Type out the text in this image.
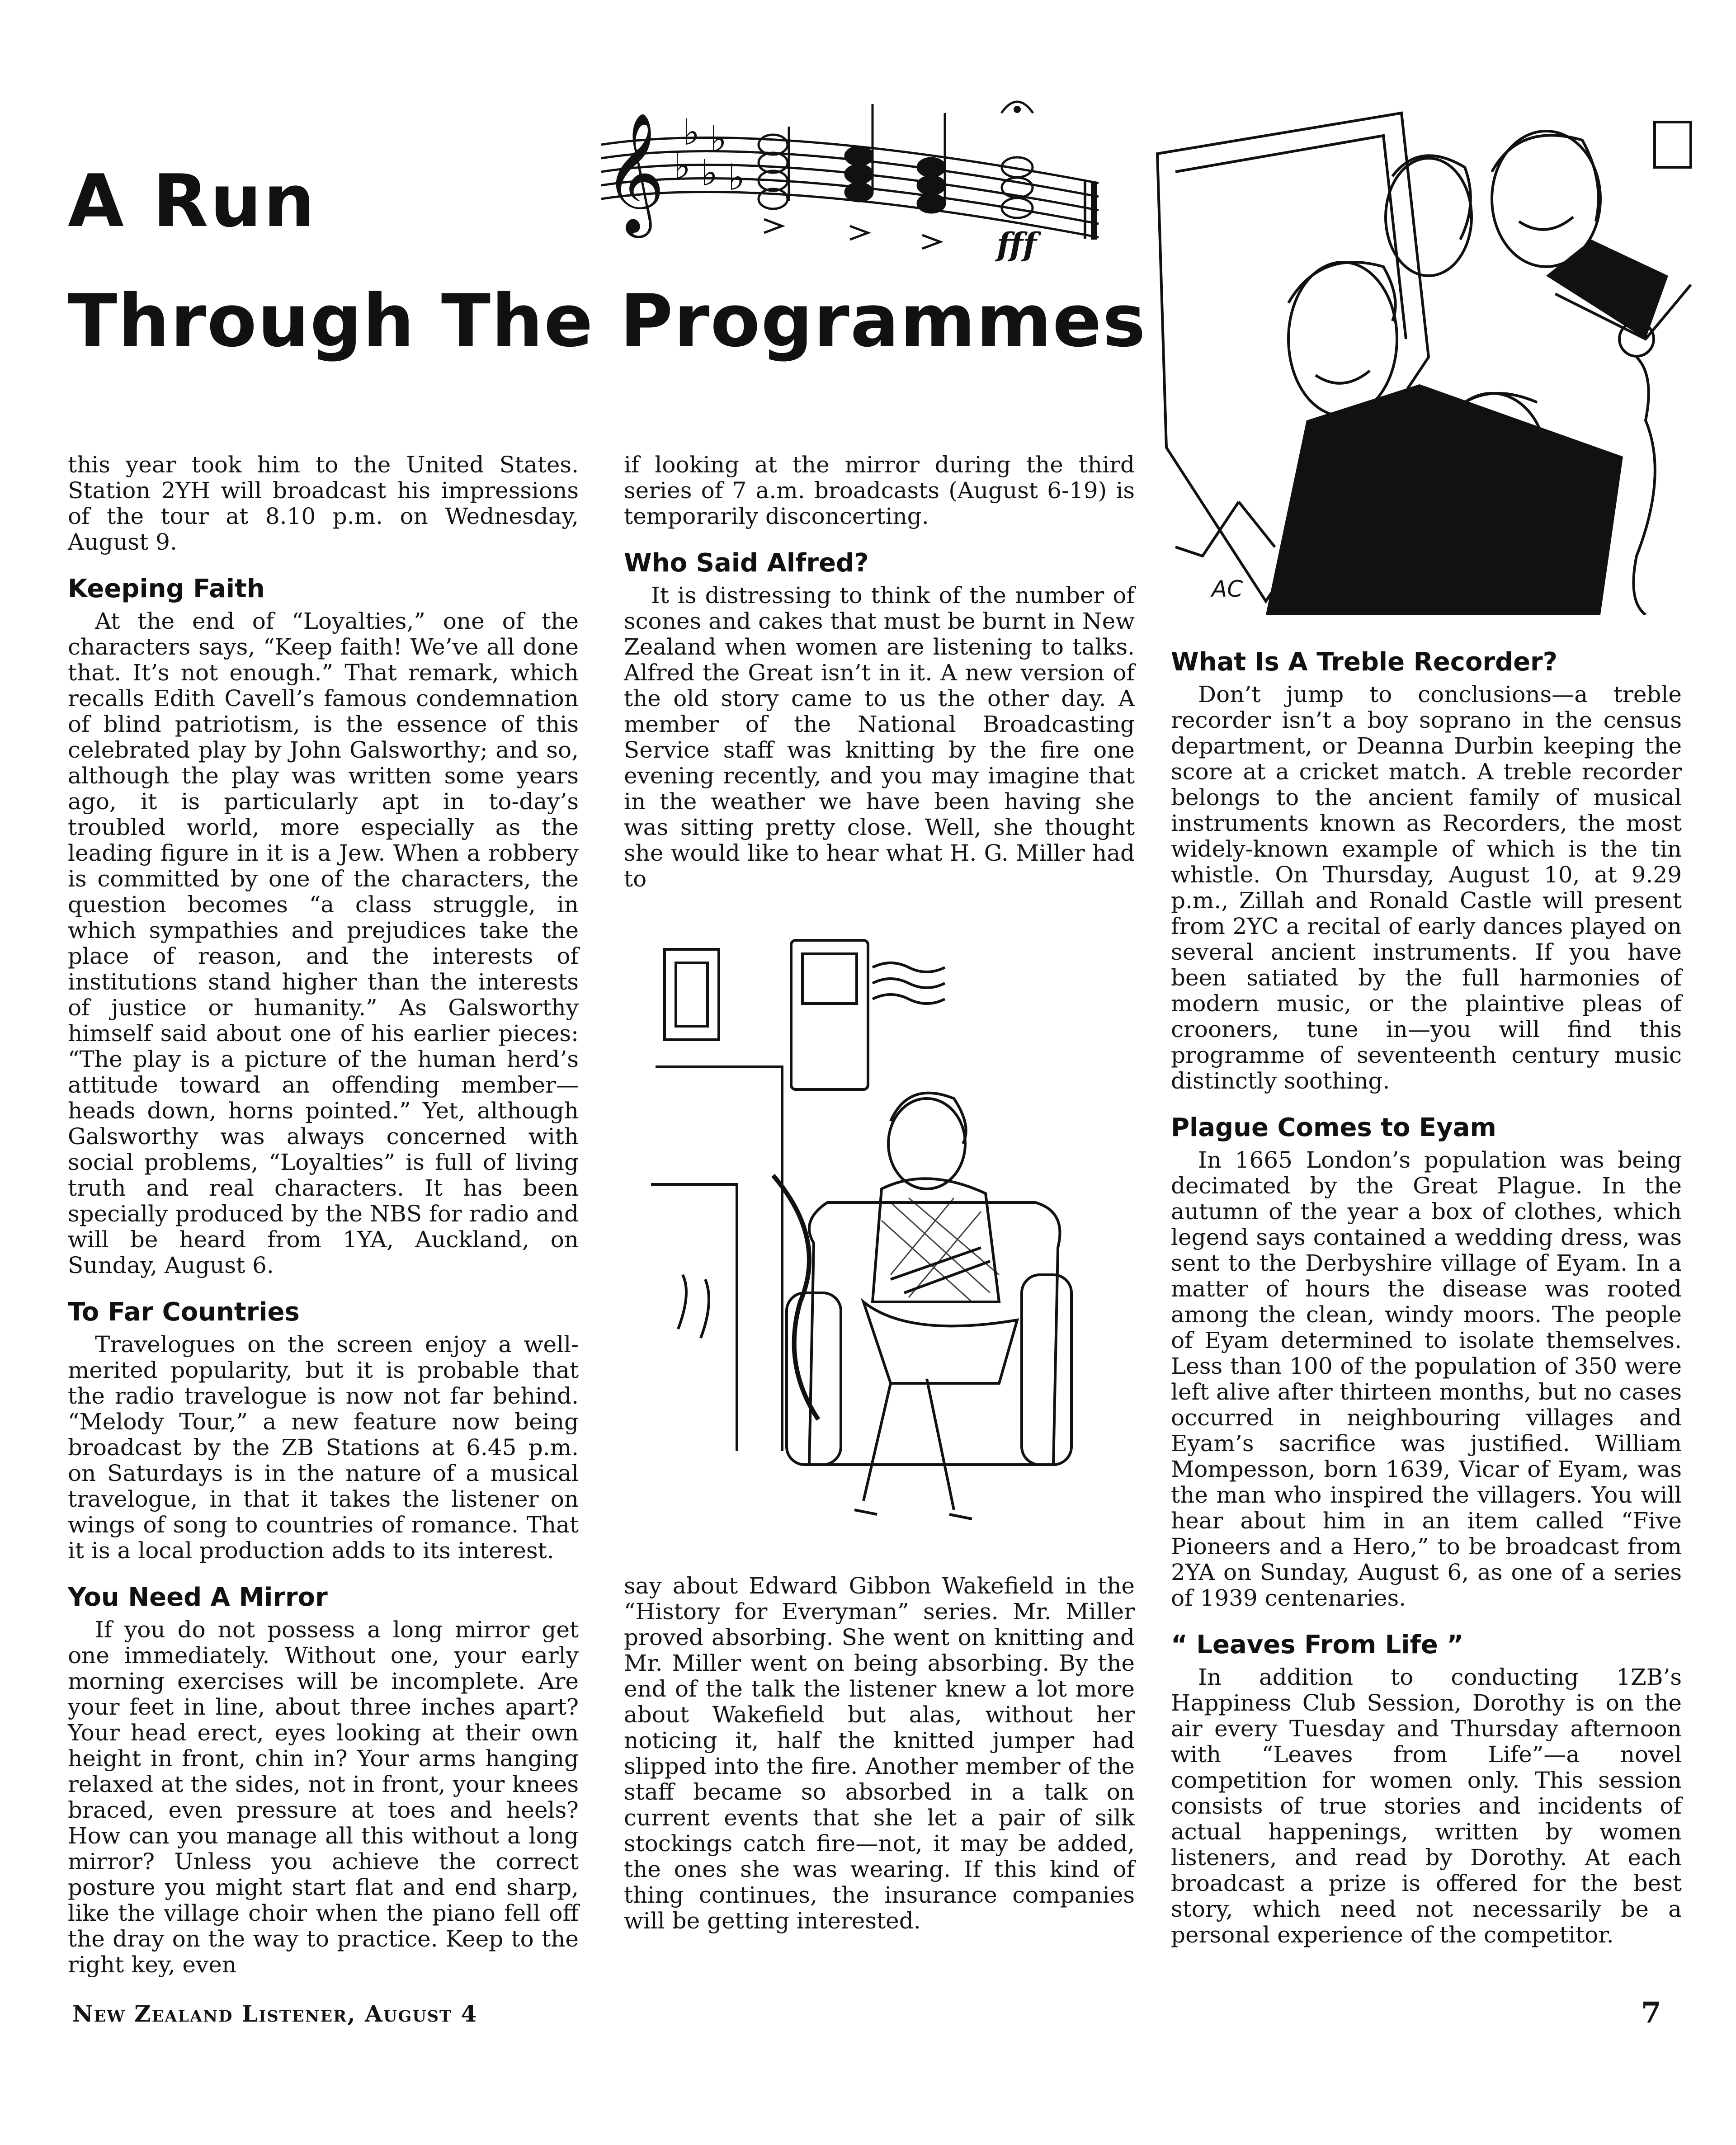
A Run
Through The Programmes
𝄞 ♭ ♭
♭ ♭ ♭
fff

this year took him to the United States. Station 2YH will broadcast his impressions of the tour at 8.10 p.m. on Wednesday, August 9.

Keeping Faith

At the end of “Loyalties,” one of the characters says, “Keep faith! We’ve all done that. It’s not enough.” That remark, which recalls Edith Cavell’s famous condemnation of blind patriotism, is the essence of this celebrated play by John Galsworthy; and so, although the play was written some years ago, it is particularly apt in to-day’s troubled world, more especially as the leading figure in it is a Jew. When a robbery is committed by one of the characters, the question becomes “a class struggle, in which sympathies and prejudices take the place of reason, and the interests of institutions stand higher than the interests of justice or humanity.” As Galsworthy himself said about one of his earlier pieces: “The play is a picture of the human herd’s attitude toward an offending member—heads down, horns pointed.” Yet, although Galsworthy was always concerned with social problems, “Loyalties” is full of living truth and real characters. It has been specially produced by the NBS for radio and will be heard from 1YA, Auckland, on Sunday, August 6.

To Far Countries

Travelogues on the screen enjoy a well-merited popularity, but it is probable that the radio travelogue is now not far behind. “Melody Tour,” a new feature now being broadcast by the ZB Stations at 6.45 p.m. on Saturdays is in the nature of a musical travelogue, in that it takes the listener on wings of song to countries of romance. That it is a local production adds to its interest.

You Need A Mirror

If you do not possess a long mirror get one immediately. Without one, your early morning exercises will be incomplete. Are your feet in line, about three inches apart? Your head erect, eyes looking at their own height in front, chin in? Your arms hanging relaxed at the sides, not in front, your knees braced, even pressure at toes and heels? How can you manage all this without a long mirror? Unless you achieve the correct posture you might start flat and end sharp, like the village choir when the piano fell off the dray on the way to practice. Keep to the right key, even

if looking at the mirror during the third series of 7 a.m. broadcasts (August 6-19) is temporarily disconcerting.

Who Said Alfred?

It is distressing to think of the number of scones and cakes that must be burnt in New Zealand when women are listening to talks. Alfred the Great isn’t in it. A new version of the old story came to us the other day. A member of the National Broadcasting Service staff was knitting by the fire one evening recently, and you may imagine that in the weather we have been having she was sitting pretty close. Well, she thought she would like to hear what H. G. Miller had to

say about Edward Gibbon Wakefield in the “History for Everyman” series. Mr. Miller proved absorbing. She went on knitting and Mr. Miller went on being absorbing. By the end of the talk the listener knew a lot more about Wakefield but alas, without her noticing it, half the knitted jumper had slipped into the fire. Another member of the staff became so absorbed in a talk on current events that she let a pair of silk stockings catch fire—not, it may be added, the ones she was wearing. If this kind of thing continues, the insurance companies will be getting interested.

AC
What Is A Treble Recorder?

Don’t jump to conclusions—a treble recorder isn’t a boy soprano in the census department, or Deanna Durbin keeping the score at a cricket match. A treble recorder belongs to the ancient family of musical instruments known as Recorders, the most widely-known example of which is the tin whistle. On Thursday, August 10, at 9.29 p.m., Zillah and Ronald Castle will present from 2YC a recital of early dances played on several ancient instruments. If you have been satiated by the full harmonies of modern music, or the plaintive pleas of crooners, tune in—you will find this programme of seventeenth century music distinctly soothing.

Plague Comes to Eyam

In 1665 London’s population was being decimated by the Great Plague. In the autumn of the year a box of clothes, which legend says contained a wedding dress, was sent to the Derbyshire village of Eyam. In a matter of hours the disease was rooted among the clean, windy moors. The people of Eyam determined to isolate themselves. Less than 100 of the population of 350 were left alive after thirteen months, but no cases occurred in neighbouring villages and Eyam’s sacrifice was justified. William Mompesson, born 1639, Vicar of Eyam, was the man who inspired the villagers. You will hear about him in an item called “Five Pioneers and a Hero,” to be broadcast from 2YA on Sunday, August 6, as one of a series of 1939 centenaries.

“ Leaves From Life ”

In addition to conducting 1ZB’s Happiness Club Session, Dorothy is on the air every Tuesday and Thursday afternoon with “Leaves from Life”—a novel competition for women only. This session consists of true stories and incidents of actual happenings, written by women listeners, and read by Dorothy. At each broadcast a prize is offered for the best story, which need not necessarily be a personal experience of the competitor.

New Zealand Listener, August 4	7
